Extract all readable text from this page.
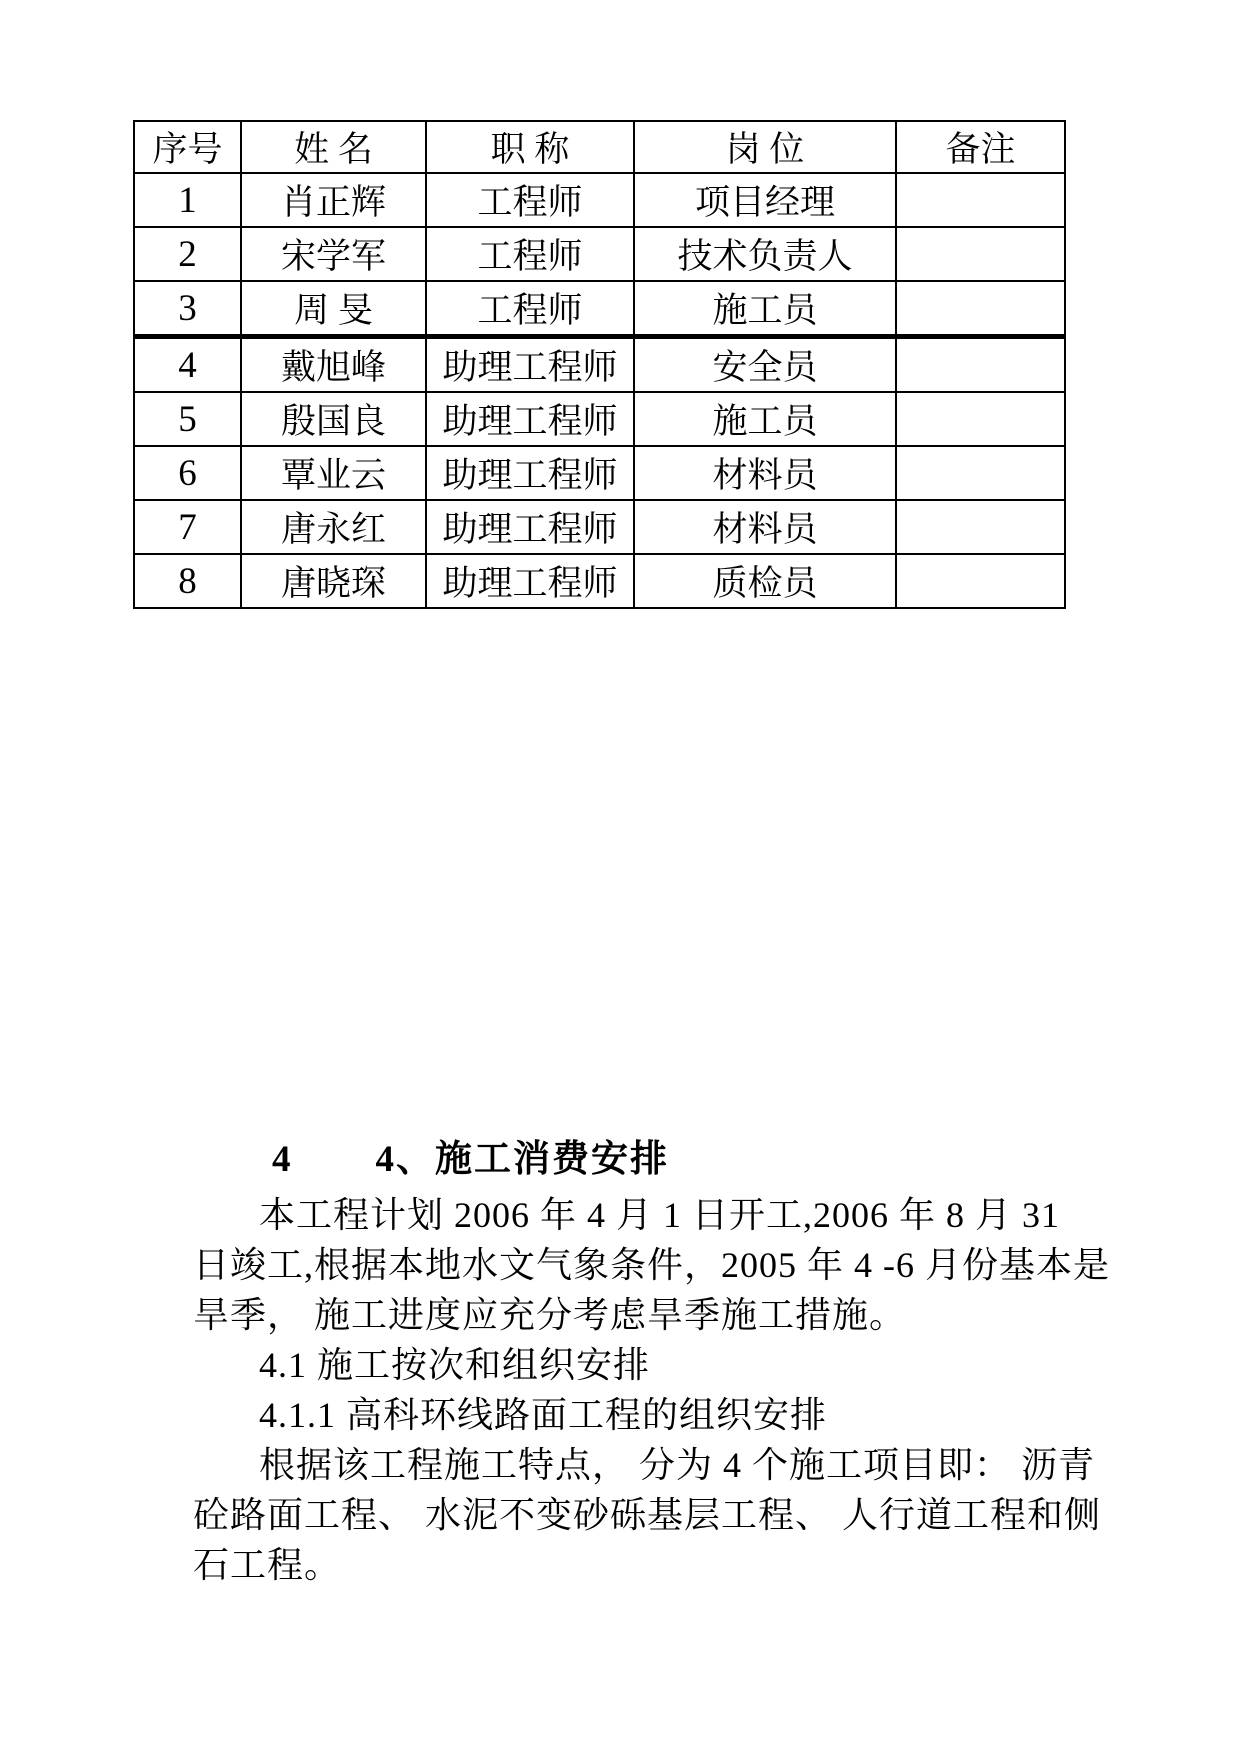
序号	姓 名	职 称	岗 位	备注
1	肖正辉	工程师	项目经理	
2	宋学军	工程师	技术负责人	
3	周 旻	工程师	施工员	
4	戴旭峰	助理工程师	安全员	
5	殷国良	助理工程师	施工员	
6	覃业云	助理工程师	材料员	
7	唐永红	助理工程师	材料员	
8	唐晓琛	助理工程师	质检员	
4 4、施工消费安排
本工程计划 2006 年 4 月 1 日开工,2006 年 8 月 31
日竣工,根据本地水文气象条件，2005 年 4 -6 月份基本是
旱季， 施工进度应充分考虑旱季施工措施。
4.1 施工按次和组织安排
4.1.1 高科环线路面工程的组织安排
根据该工程施工特点， 分为 4 个施工项目即： 沥青
砼路面工程、 水泥不变砂砾基层工程、 人行道工程和侧
石工程。
